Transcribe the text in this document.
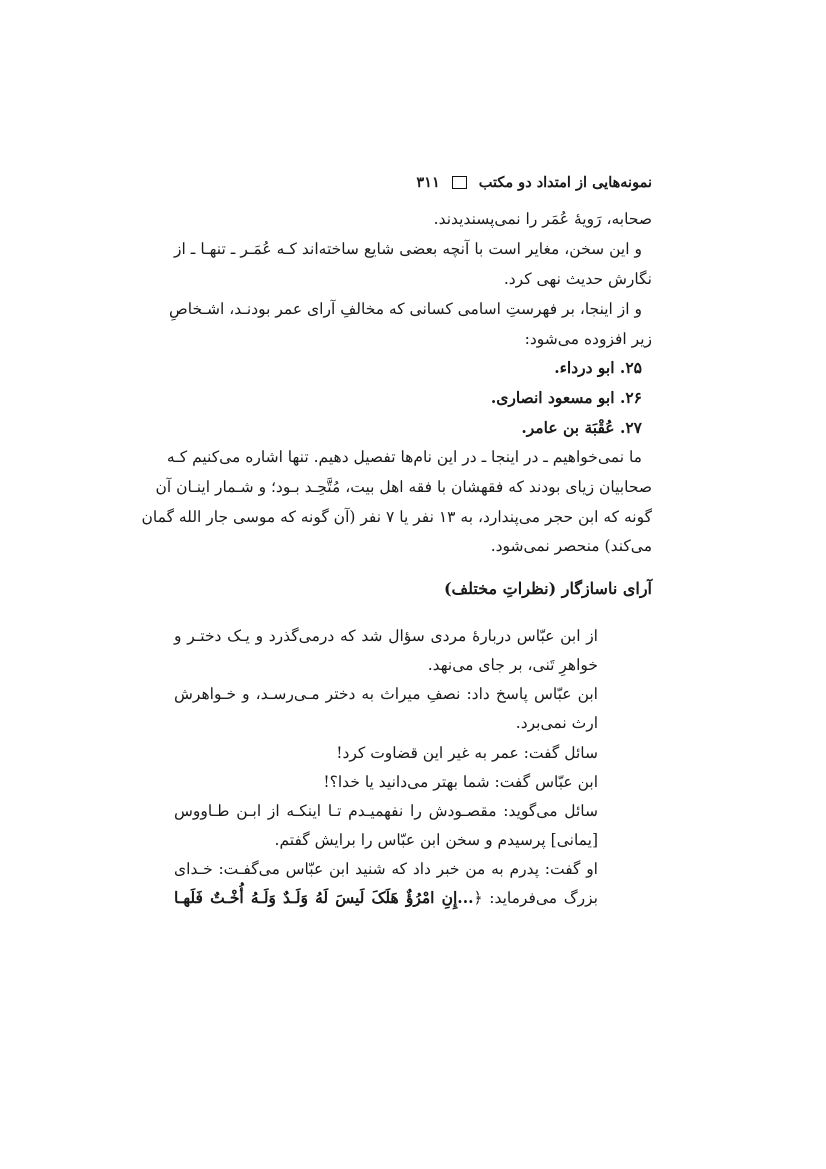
نمونه‌هایی از امتداد دو مکتب
۳۱۱
صحابه، رَویهٔ عُمَر را نمی‌پسندیدند.
و این سخن، مغایر است با آنچه بعضی شایع ساخته‌اند کـه عُمَـر ـ تنهـا ـ از
نگارش حدیث نهی کرد.
و از اینجا، بر فهرستِ اسامی کسانی که مخالفِ آرای عمر بودنـد، اشـخاصِ
زیر افزوده می‌شود:
۲۵. ابو درداء.
۲۶. ابو مسعود انصاری.
۲۷. عُقْبَة بن عامر.
ما نمی‌خواهیم ـ در اینجا ـ در این نام‌ها تفصیل دهیم. تنها اشاره می‌کنیم کـه
صحابیان زیای بودند که فقهشان با فقه اهل بیت، مُتَّحِـد بـود؛ و شـمار اینـان آن
گونه که ابن حجر می‌پندارد، به ۱۳ نفر یا ۷ نفر (آن گونه که موسی جار الله گمان
می‌کند) منحصر نمی‌شود.
آرای ناسازگار (نظراتِ مختلف)
از ابن عبّاس دربارهٔ مردی سؤال شد که درمی‌گذرد و یـک دختـر و
خواهرِ تَنی، بر جای می‌نهد.
ابن عبّاس پاسخ داد: نصفِ میراث به دختر مـی‌رسـد، و خـواهرش
ارث نمی‌برد.
سائل گفت: عمر به غیر این قضاوت کرد!
ابن عبّاس گفت: شما بهتر می‌دانید یا خدا؟!
سائل می‌گوید: مقصـودش را نفهمیـدم تـا اینکـه از ابـن طـاووس
[یمانی] پرسیدم و سخن ابن عبّاس را برایش گفتم.
او گفت: پدرم به من خبر داد که شنید ابن عبّاس می‌گفـت: خـدای
بزرگ می‌فرماید: ﴿...إِنِ امْرُؤٌ هَلَکَ لَیسَ لَهُ وَلَـدٌ وَلَـهُ أُخْـتٌ فَلَهـا
